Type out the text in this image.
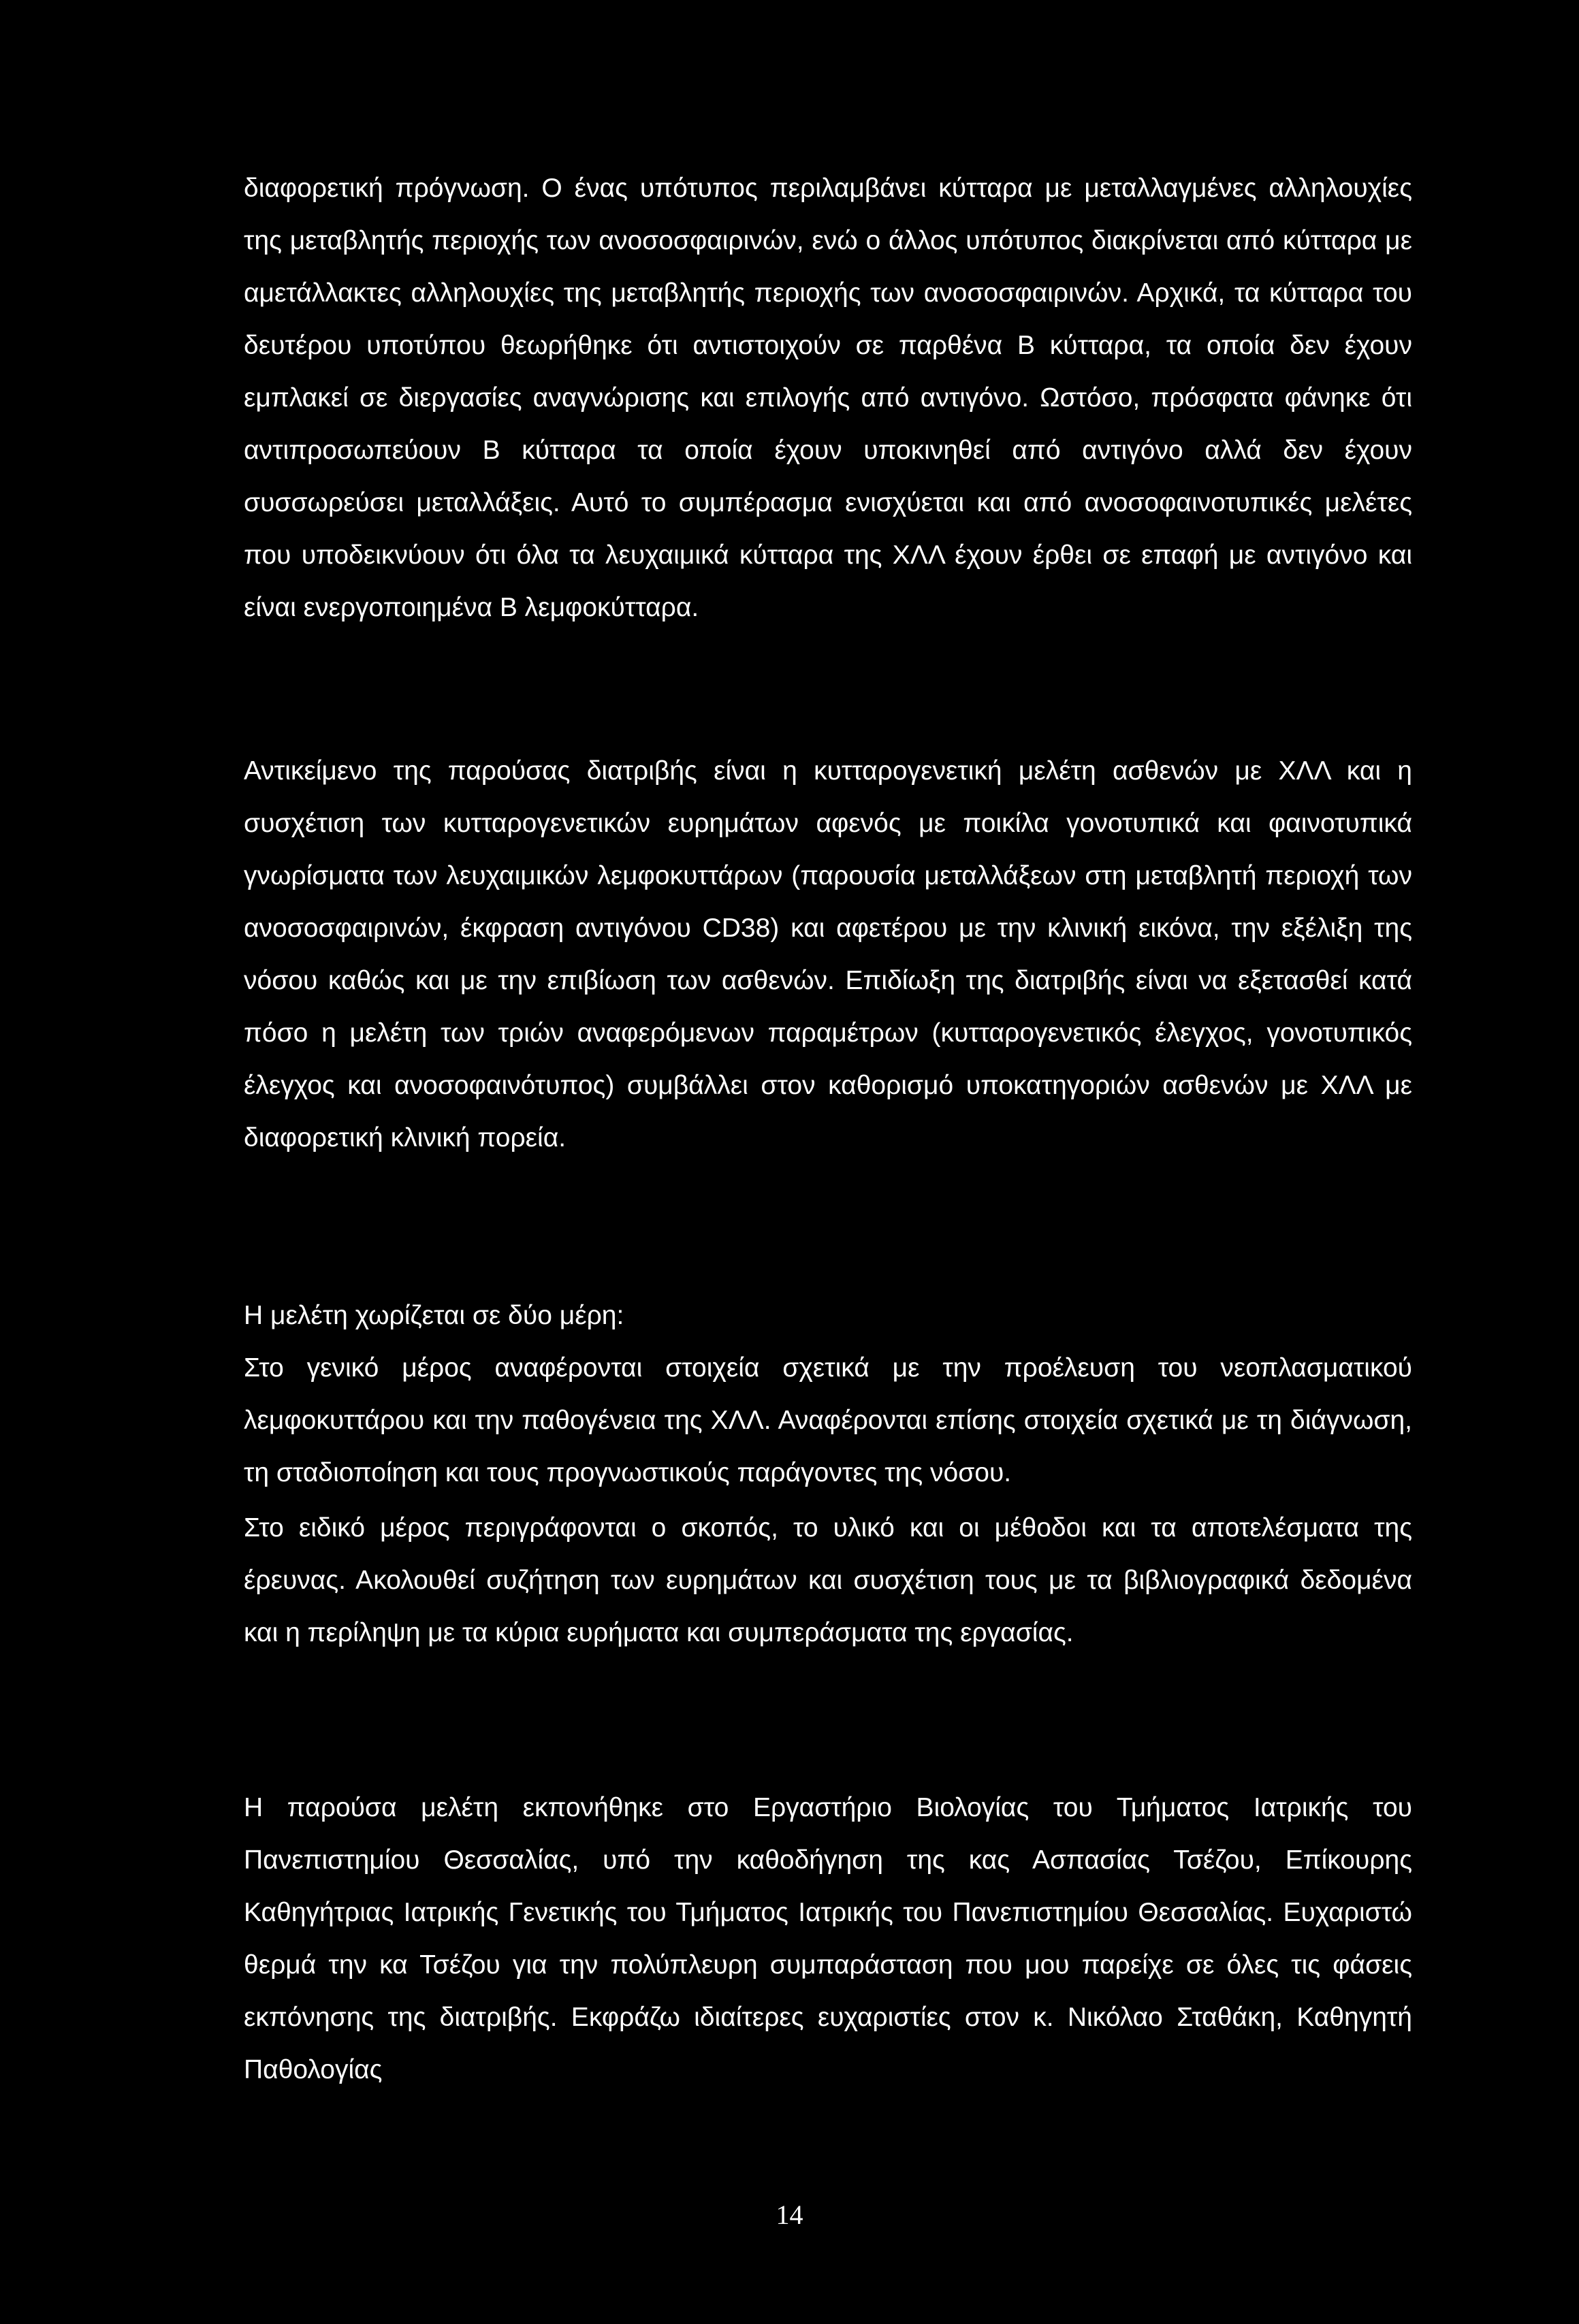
διαφορετική πρόγνωση. Ο ένας υπότυπος περιλαμβάνει κύτταρα με μεταλλαγμένες αλληλουχίες της μεταβλητής περιοχής των ανοσοσφαιρινών, ενώ ο άλλος υπότυπος διακρίνεται από κύτταρα με αμετάλλακτες αλληλουχίες της μεταβλητής περιοχής των ανοσοσφαιρινών. Αρχικά, τα κύτταρα του δευτέρου υποτύπου θεωρήθηκε ότι αντιστοιχούν σε παρθένα Β κύτταρα, τα οποία δεν έχουν εμπλακεί σε διεργασίες αναγνώρισης και επιλογής από αντιγόνο. Ωστόσο, πρόσφατα φάνηκε ότι αντιπροσωπεύουν Β κύτταρα τα οποία έχουν υποκινηθεί από αντιγόνο αλλά δεν έχουν συσσωρεύσει μεταλλάξεις. Αυτό το συμπέρασμα ενισχύεται και από ανοσοφαινοτυπικές μελέτες που υποδεικνύουν ότι όλα τα λευχαιμικά κύτταρα της ΧΛΛ έχουν έρθει σε επαφή με αντιγόνο και είναι ενεργοποιημένα Β λεμφοκύτταρα.

Αντικείμενο της παρούσας διατριβής είναι η κυτταρογενετική μελέτη ασθενών με ΧΛΛ και η συσχέτιση των κυτταρογενετικών ευρημάτων αφενός με ποικίλα γονοτυπικά και φαινοτυπικά γνωρίσματα των λευχαιμικών λεμφοκυττάρων (παρουσία μεταλλάξεων στη μεταβλητή περιοχή των ανοσοσφαιρινών, έκφραση αντιγόνου CD38) και αφετέρου με την κλινική εικόνα, την εξέλιξη της νόσου καθώς και με την επιβίωση των ασθενών. Επιδίωξη της διατριβής είναι να εξετασθεί κατά πόσο η μελέτη των τριών αναφερόμενων παραμέτρων (κυτταρογενετικός έλεγχος, γονοτυπικός έλεγχος και ανοσοφαινότυπος) συμβάλλει στον καθορισμό υποκατηγοριών ασθενών με ΧΛΛ με διαφορετική κλινική πορεία.

Η μελέτη χωρίζεται σε δύο μέρη:
Στο γενικό μέρος αναφέρονται στοιχεία σχετικά με την προέλευση του νεοπλασματικού λεμφοκυττάρου και την παθογένεια της ΧΛΛ. Αναφέρονται επίσης στοιχεία σχετικά με τη διάγνωση, τη σταδιοποίηση και τους προγνωστικούς παράγοντες της νόσου.

Στο ειδικό μέρος περιγράφονται ο σκοπός, το υλικό και οι μέθοδοι και τα αποτελέσματα της έρευνας. Ακολουθεί συζήτηση των ευρημάτων και συσχέτιση τους με τα βιβλιογραφικά δεδομένα και η περίληψη με τα κύρια ευρήματα και συμπεράσματα της εργασίας.

Η παρούσα μελέτη εκπονήθηκε στο Εργαστήριο Βιολογίας του Τμήματος Ιατρικής του Πανεπιστημίου Θεσσαλίας, υπό την καθοδήγηση της κας Ασπασίας Τσέζου, Επίκουρης Καθηγήτριας Ιατρικής Γενετικής του Τμήματος Ιατρικής του Πανεπιστημίου Θεσσαλίας. Ευχαριστώ θερμά την κα Τσέζου για την πολύπλευρη συμπαράσταση που μου παρείχε σε όλες τις φάσεις εκπόνησης της διατριβής. Εκφράζω ιδιαίτερες ευχαριστίες στον κ. Νικόλαο Σταθάκη, Καθηγητή Παθολογίας

14
